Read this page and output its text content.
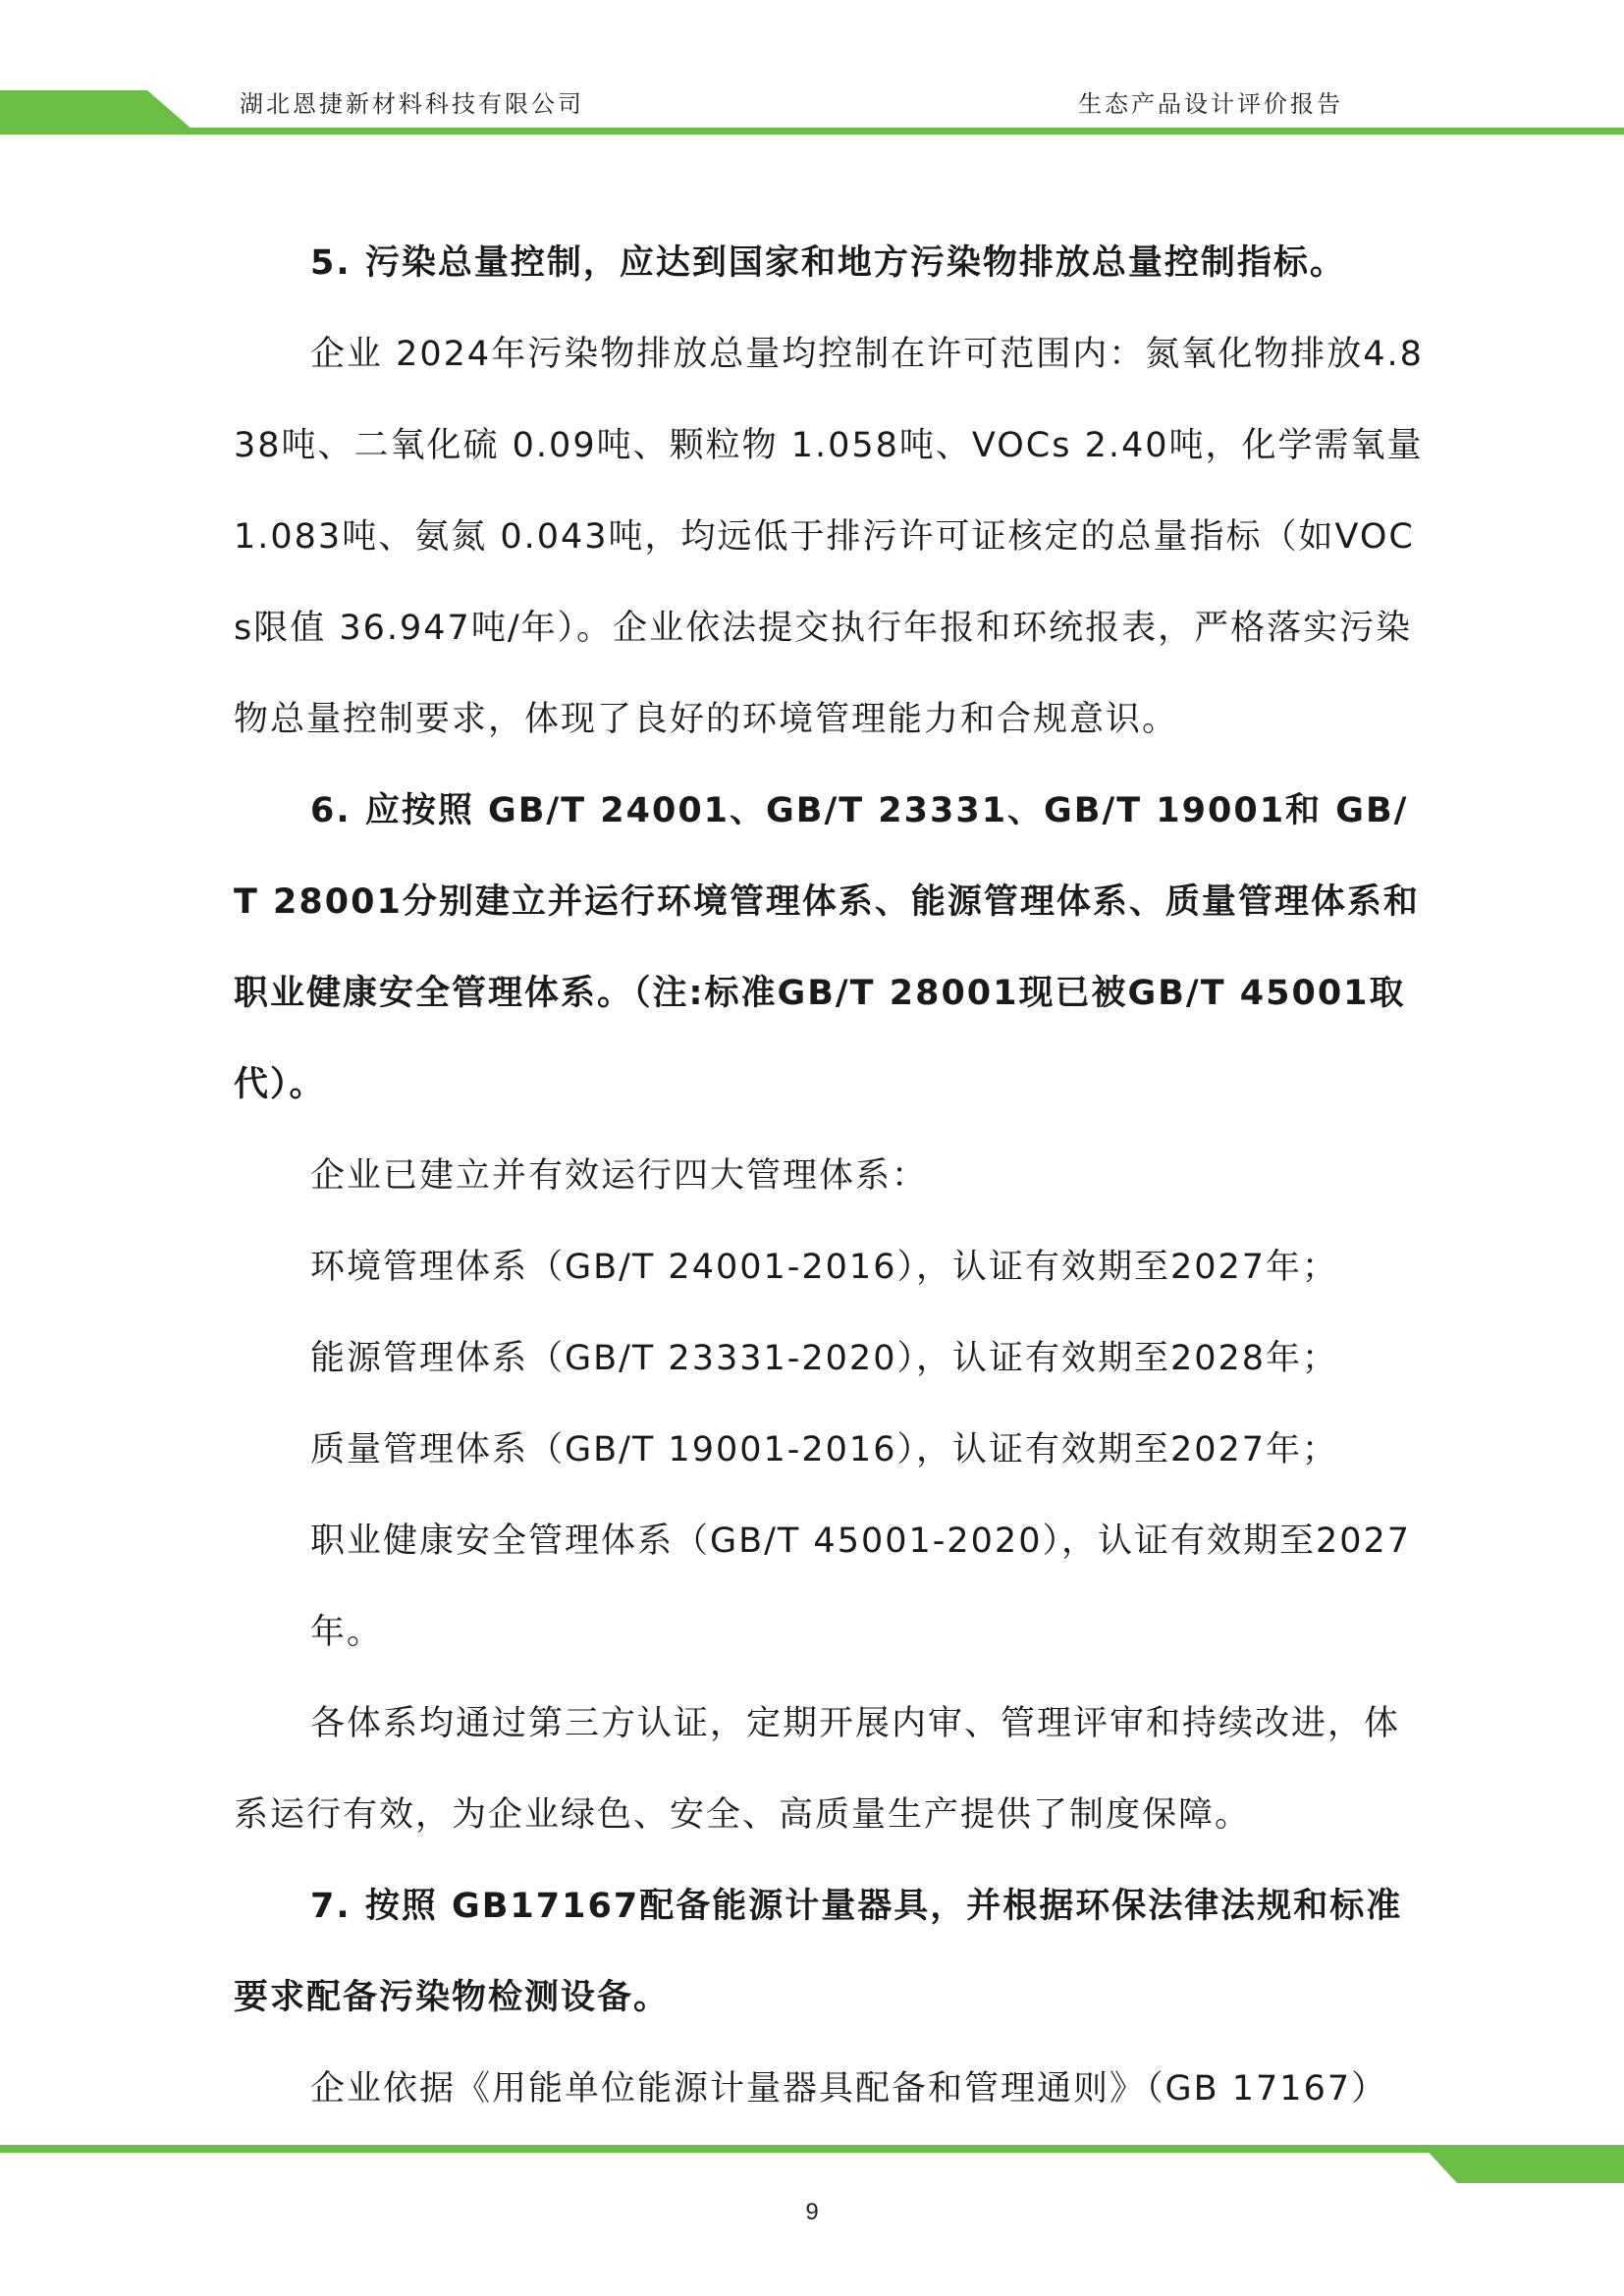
湖北恩捷新材料科技有限公司	生态产品设计评价报告

5. 污染总量控制，应达到国家和地方污染物排放总量控制指标。

企业 2024年污染物排放总量均控制在许可范围内：氮氧化物排放4.838吨、二氧化硫 0.09吨、颗粒物 1.058吨、VOCs 2.40吨，化学需氧量 1.083吨、氨氮 0.043吨，均远低于排污许可证核定的总量指标（如VOCs限值 36.947吨/年）。企业依法提交执行年报和环统报表，严格落实污染物总量控制要求，体现了良好的环境管理能力和合规意识。

6. 应按照 GB/T 24001、GB/T 23331、GB/T 19001和 GB/T 28001分别建立并运行环境管理体系、能源管理体系、质量管理体系和职业健康安全管理体系。（注:标准GB/T 28001现已被GB/T 45001取代）。

企业已建立并有效运行四大管理体系：

环境管理体系（GB/T 24001-2016），认证有效期至2027年；

能源管理体系（GB/T 23331-2020），认证有效期至2028年；

质量管理体系（GB/T 19001-2016），认证有效期至2027年；

职业健康安全管理体系（GB/T 45001-2020），认证有效期至2027年。

各体系均通过第三方认证，定期开展内审、管理评审和持续改进，体系运行有效，为企业绿色、安全、高质量生产提供了制度保障。

7. 按照 GB17167配备能源计量器具，并根据环保法律法规和标准要求配备污染物检测设备。

企业依据《用能单位能源计量器具配备和管理通则》（GB 17167）

9
